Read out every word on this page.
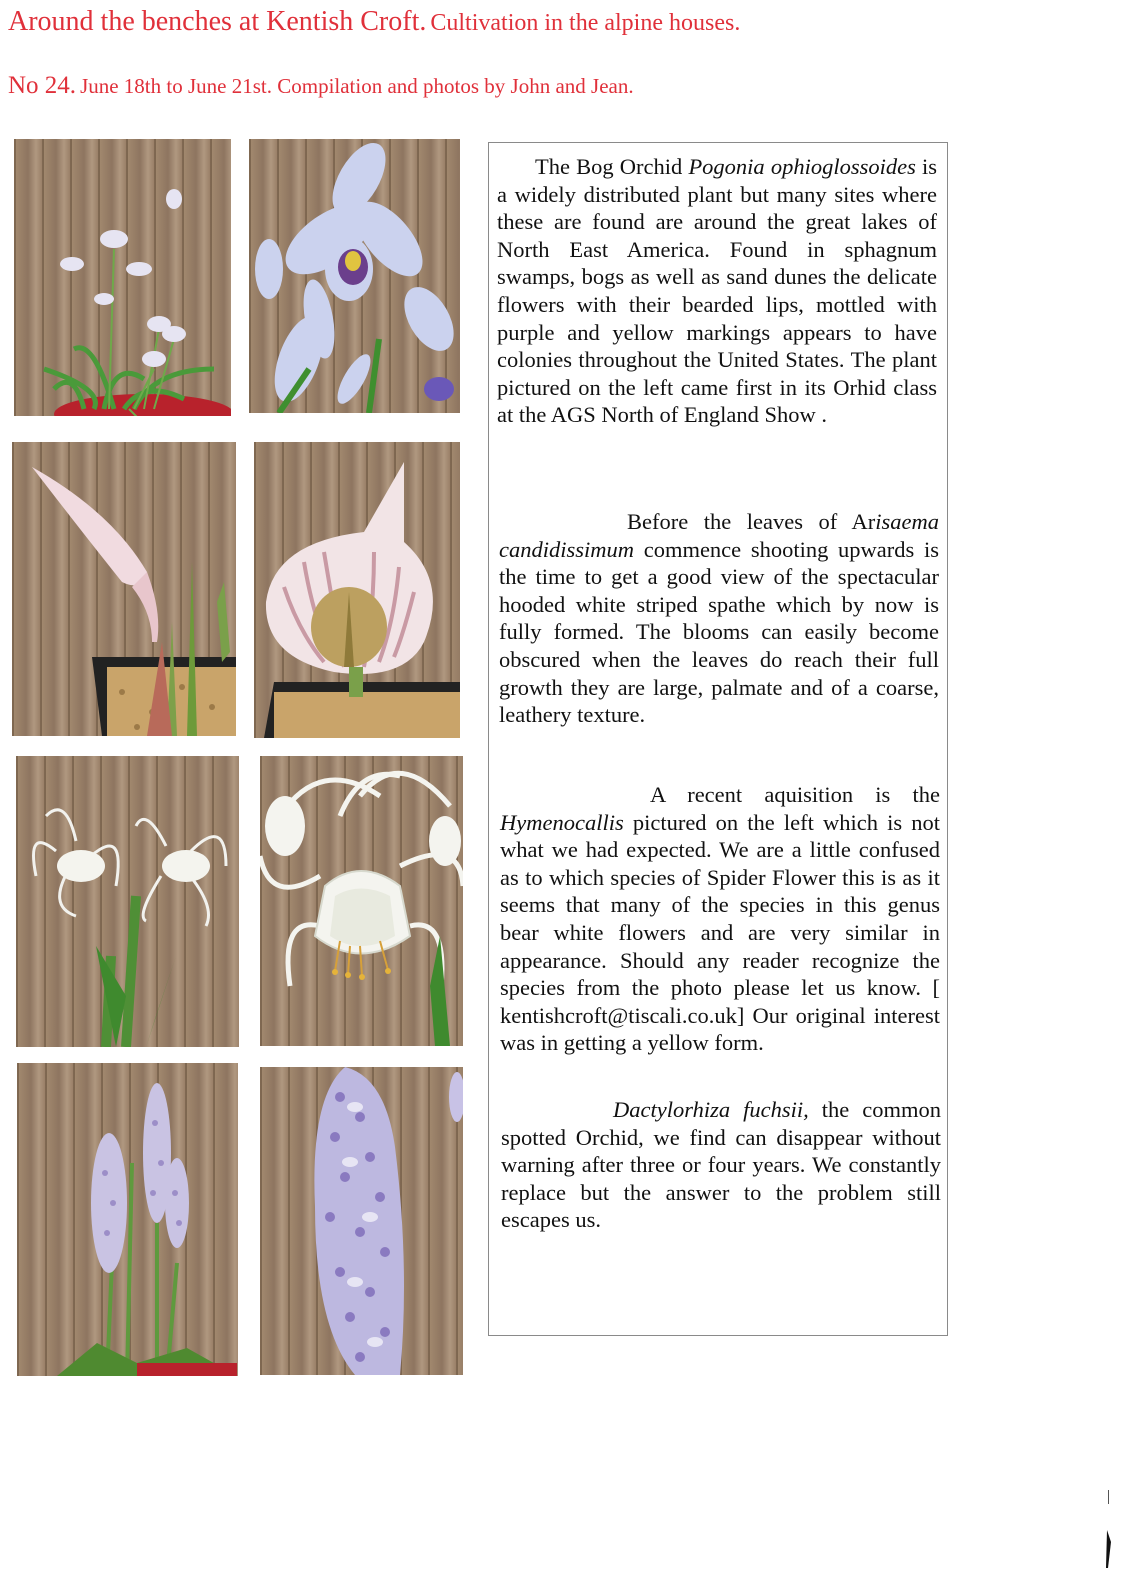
Around the benches at Kentish Croft. Cultivation in the alpine houses.
No 24. June 18th to June 21st. Compilation and photos by John and Jean.
The Bog Orchid Pogonia ophioglossoides is a widely distributed plant but many sites where these are found are around the great lakes of North East America. Found in sphagnum swamps, bogs as well as sand dunes the delicate flowers with their bearded lips, mottled with purple and yellow markings appears to have colonies throughout the United States. The plant pictured on the left came first in its Orhid class at the AGS North of England Show .
Before the leaves of Arisaema candidissimum commence shooting upwards is the time to get a good view of the spectacular hooded white striped spathe which by now is fully formed. The blooms can easily become obscured when the leaves do reach their full growth they are large, palmate and of a coarse, leathery texture.
A recent aquisition is the Hymenocallis pictured on the left which is not what we had expected. We are a little confused as to which species of Spider Flower this is as it seems that many of the species in this genus bear white flowers and are very similar in appearance. Should any reader recognize the species from the photo please let us know. [ kentishcroft@tiscali.co.uk] Our original interest was in getting a yellow form.
Dactylorhiza fuchsii, the common spotted Orchid, we find can disappear without warning after three or four years. We constantly replace but the answer to the problem still escapes us.
